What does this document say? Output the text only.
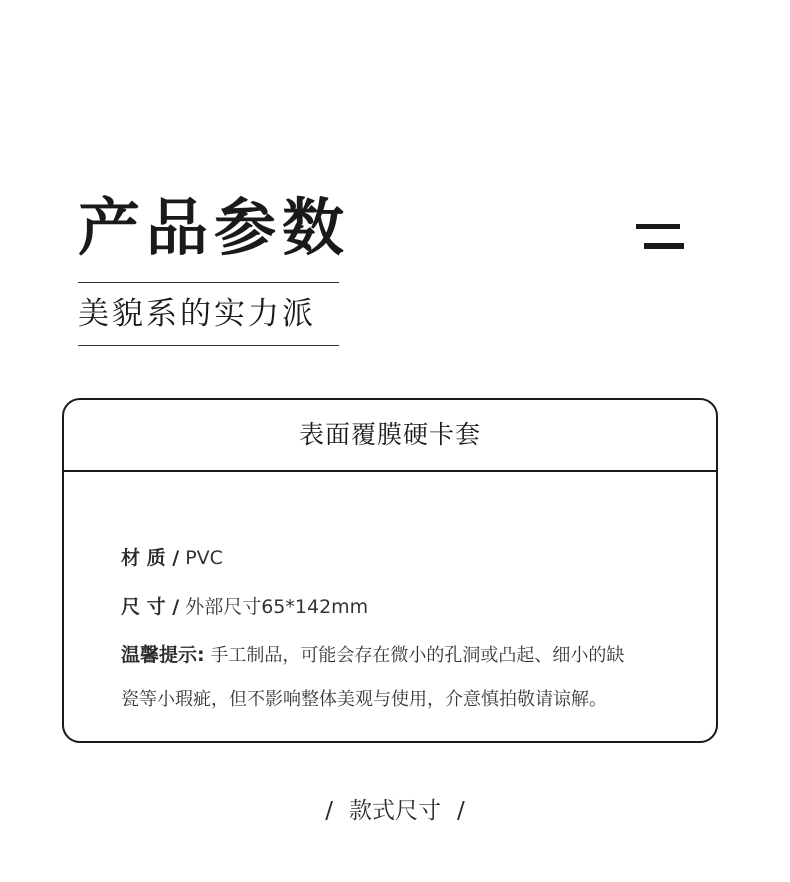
产品参数
美貌系的实力派
表面覆膜硬卡套
材 质 / PVC
尺 寸 / 外部尺寸65*142mm
温馨提示: 手工制品，可能会存在微小的孔洞或凸起、细小的缺
瓷等小瑕疵，但不影响整体美观与使用，介意慎拍敬请谅解。
/ 款式尺寸 /
